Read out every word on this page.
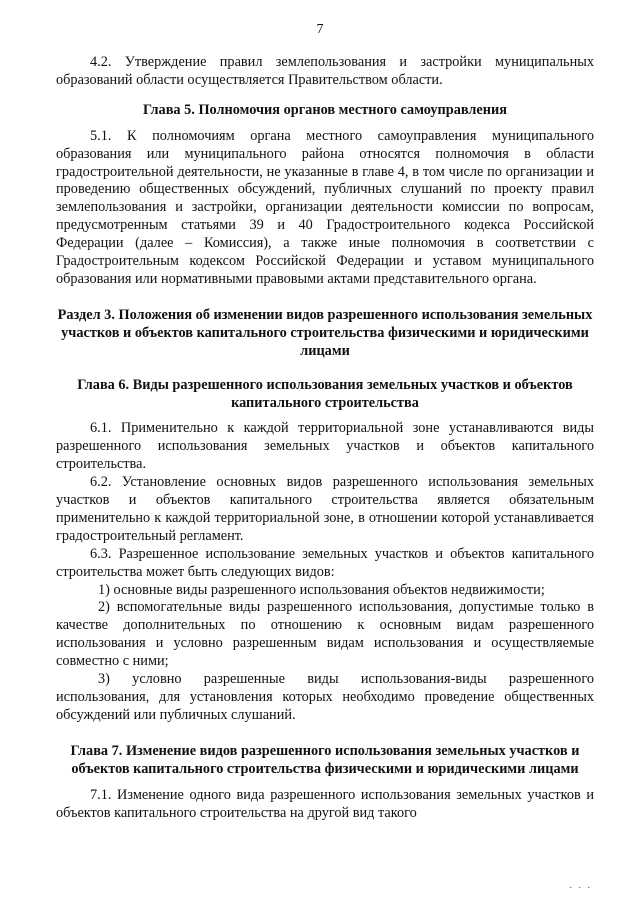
7

4.2. Утверждение правил землепользования и застройки муниципальных образований области осуществляется Правительством области.

Глава 5. Полномочия органов местного самоуправления

5.1. К полномочиям органа местного самоуправления муниципального образования или муниципального района относятся полномочия в области градостроительной деятельности, не указанные в главе 4, в том числе по организации и проведению общественных обсуждений, публичных слушаний по проекту правил землепользования и застройки, организации деятельности комиссии по вопросам, предусмотренным статьями 39 и 40 Градостроительного кодекса Российской Федерации (далее – Комиссия), а также иные полномочия в соответствии с Градостроительным кодексом Российской Федерации и уставом муниципального образования или нормативными правовыми актами представительного органа.

Раздел 3. Положения об изменении видов разрешенного использования земельных участков и объектов капитального строительства физическими и юридическими лицами

Глава 6. Виды разрешенного использования земельных участков и объектов капитального строительства

6.1. Применительно к каждой территориальной зоне устанавливаются виды разрешенного использования земельных участков и объектов капитального строительства.

6.2. Установление основных видов разрешенного использования земельных участков и объектов капитального строительства является обязательным применительно к каждой территориальной зоне, в отношении которой устанавливается градостроительный регламент.

6.3. Разрешенное использование земельных участков и объектов капитального строительства может быть следующих видов:

1) основные виды разрешенного использования объектов недвижимости;

2) вспомогательные виды разрешенного использования, допустимые только в качестве дополнительных по отношению к основным видам разрешенного использования и условно разрешенным видам использования и осуществляемые совместно с ними;

3) условно разрешенные виды использования-виды разрешенного использования, для установления которых необходимо проведение общественных обсуждений или публичных слушаний.

Глава 7. Изменение видов разрешенного использования земельных участков и объектов капитального строительства физическими и юридическими лицами

7.1. Изменение одного вида разрешенного использования земельных участков и объектов капитального строительства на другой вид такого

. . .
